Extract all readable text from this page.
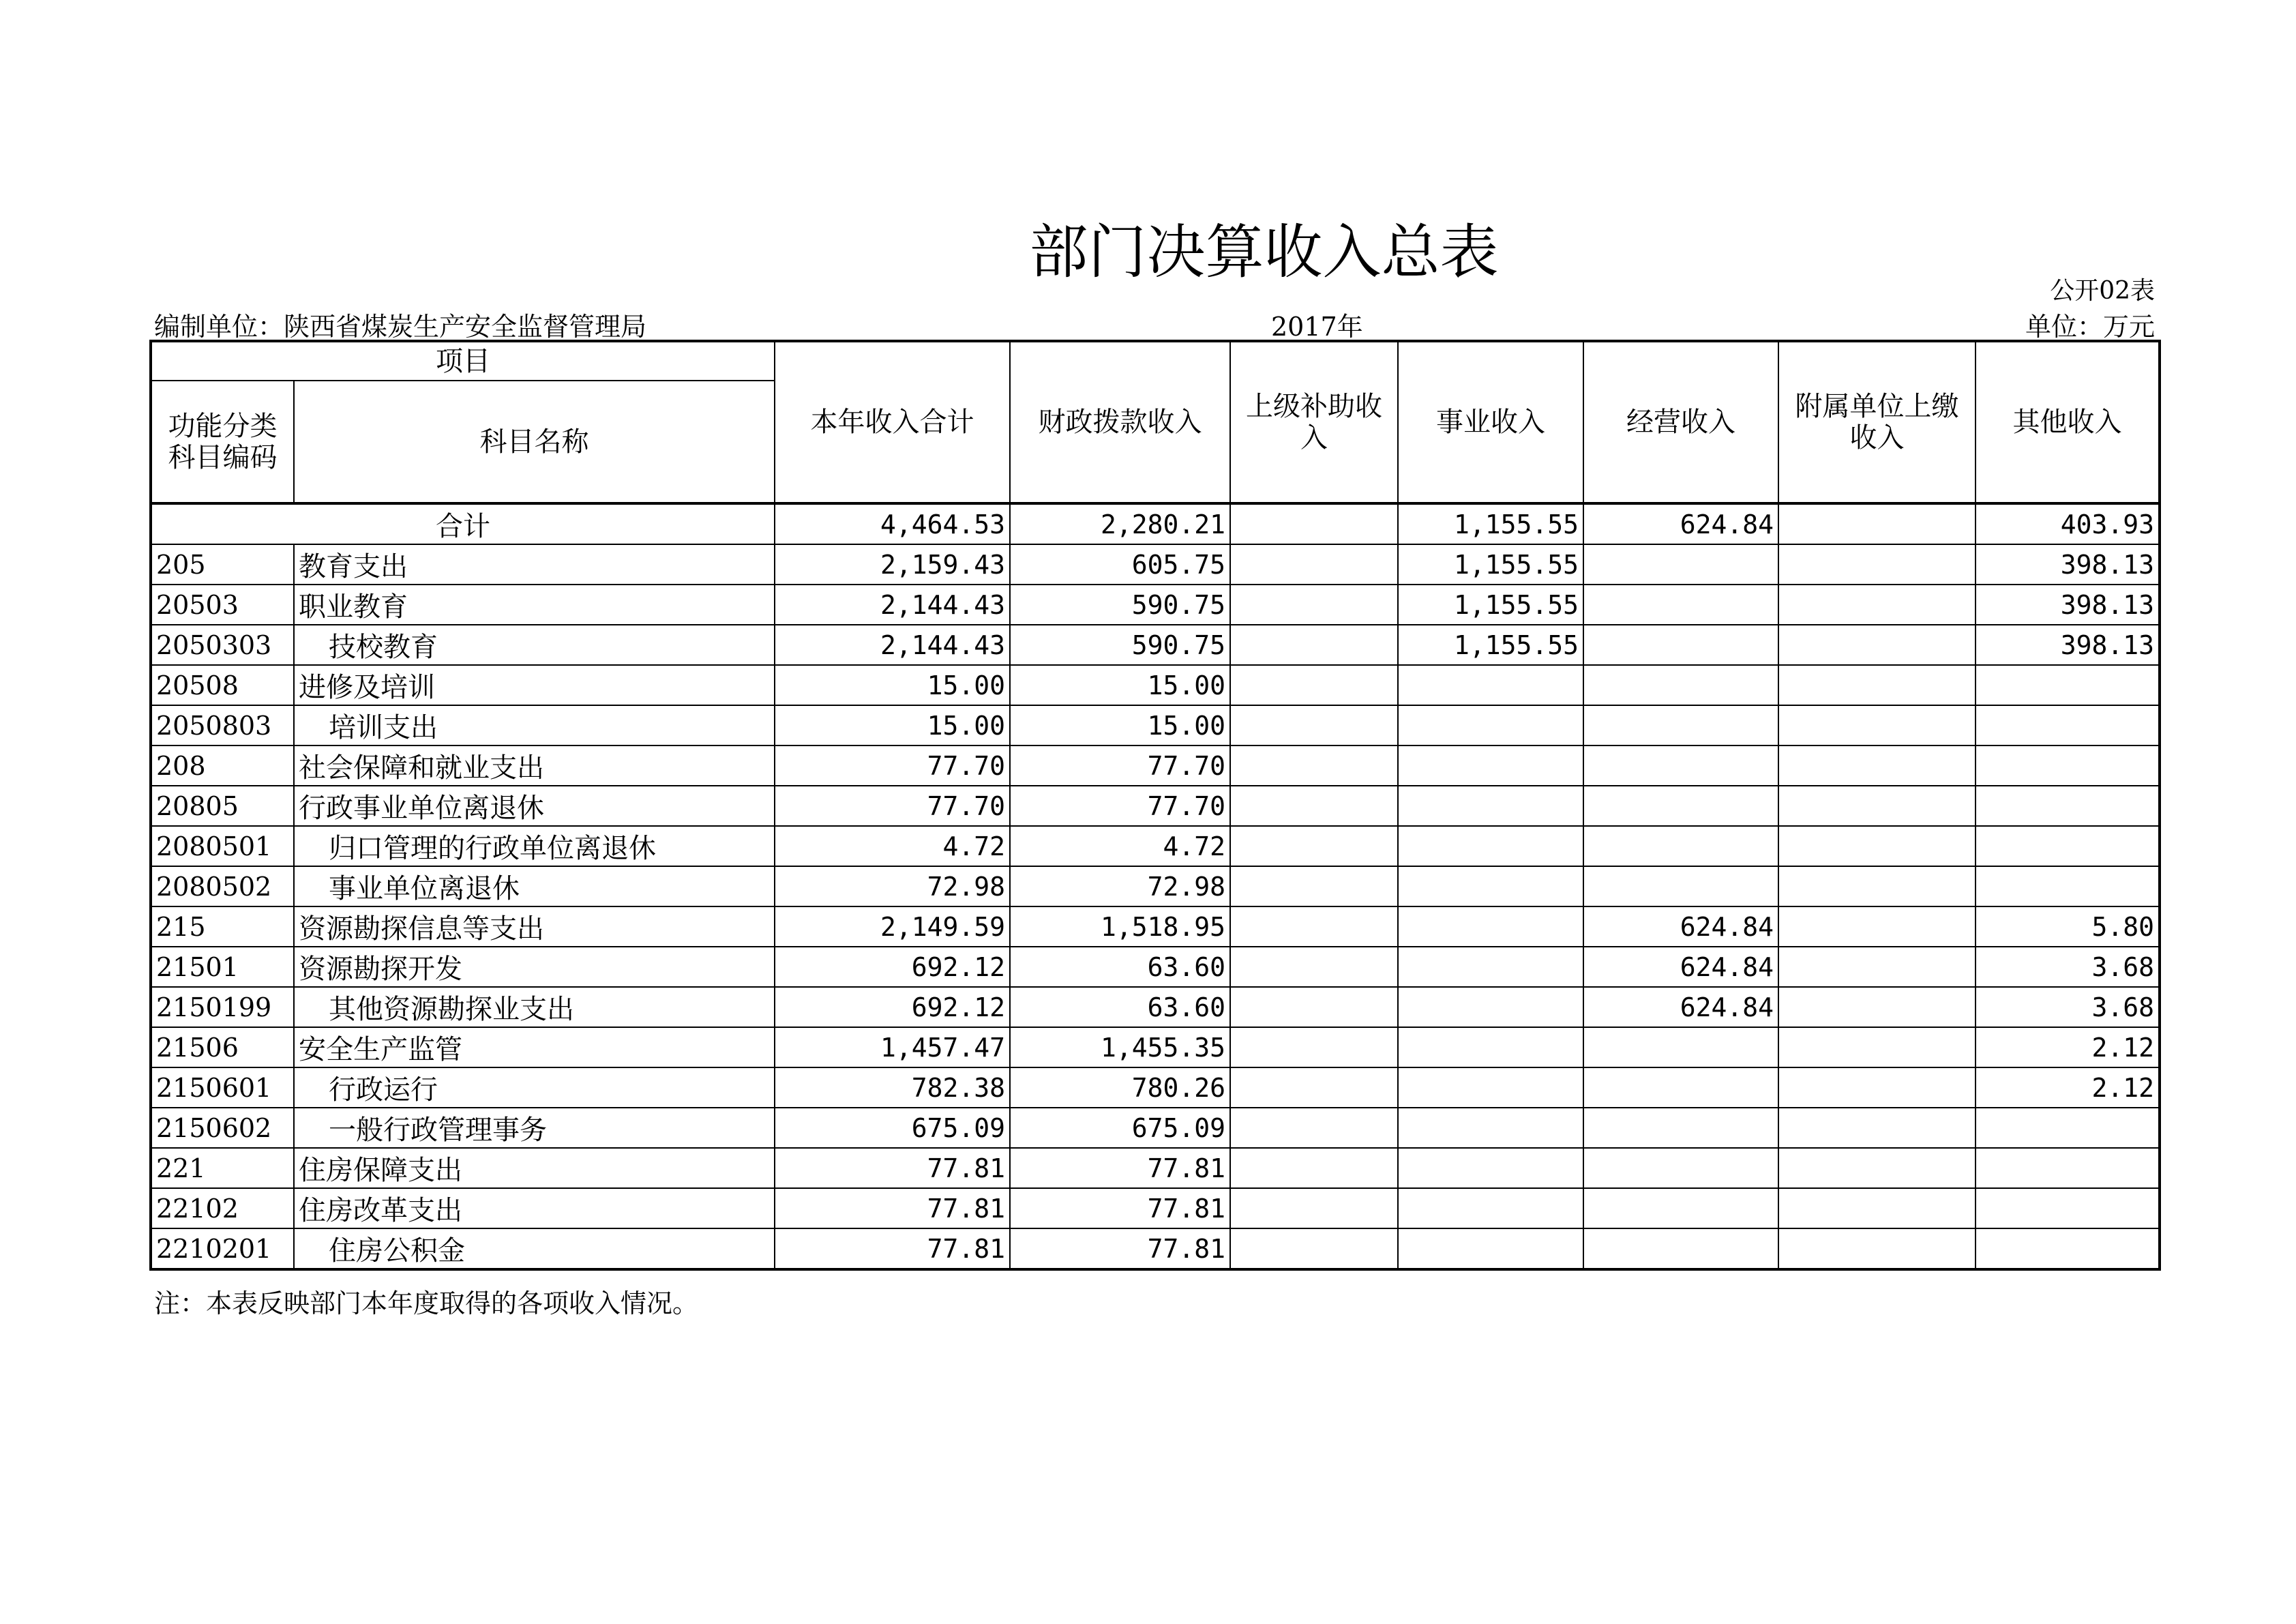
部门决算收入总表
公开02表
编制单位：陕西省煤炭生产安全监督管理局	2017年	单位：万元
项目		本年收入合计	财政拨款收入	上级补助收入	事业收入	经营收入	附属单位上缴收入	其他收入
功能分类科目编码	科目名称							
合计		4,464.53	2,280.21		1,155.55	624.84		403.93
205	教育支出	2,159.43	605.75		1,155.55			398.13
20503	职业教育	2,144.43	590.75		1,155.55			398.13
2050303	技校教育	2,144.43	590.75		1,155.55			398.13
20508	进修及培训	15.00	15.00					
2050803	培训支出	15.00	15.00					
208	社会保障和就业支出	77.70	77.70					
20805	行政事业单位离退休	77.70	77.70					
2080501	归口管理的行政单位离退休	4.72	4.72					
2080502	事业单位离退休	72.98	72.98					
215	资源勘探信息等支出	2,149.59	1,518.95			624.84		5.80
21501	资源勘探开发	692.12	63.60			624.84		3.68
2150199	其他资源勘探业支出	692.12	63.60			624.84		3.68
21506	安全生产监管	1,457.47	1,455.35					2.12
2150601	行政运行	782.38	780.26					2.12
2150602	一般行政管理事务	675.09	675.09					
221	住房保障支出	77.81	77.81					
22102	住房改革支出	77.81	77.81					
2210201	住房公积金	77.81	77.81					
注：本表反映部门本年度取得的各项收入情况。
